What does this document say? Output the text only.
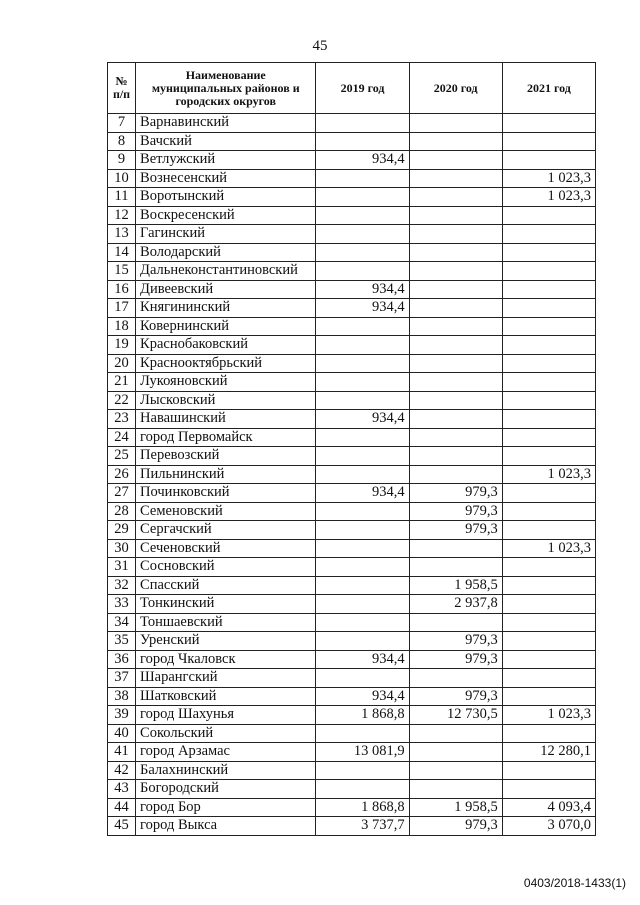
45
№ п/п	Наименование муниципальных районов и городских округов	2019 год	2020 год	2021 год
7	Варнавинский			
8	Вачский			
9	Ветлужский	934,4		
10	Вознесенский			1 023,3
11	Воротынский			1 023,3
12	Воскресенский			
13	Гагинский			
14	Володарский			
15	Дальнеконстантиновский			
16	Дивеевский	934,4		
17	Княгининский	934,4		
18	Ковернинский			
19	Краснобаковский			
20	Краснооктябрьский			
21	Лукояновский			
22	Лысковский			
23	Навашинский	934,4		
24	город Первомайск			
25	Перевозский			
26	Пильнинский			1 023,3
27	Починковский	934,4	979,3	
28	Семеновский		979,3	
29	Сергачский		979,3	
30	Сеченовский			1 023,3
31	Сосновский			
32	Спасский		1 958,5	
33	Тонкинский		2 937,8	
34	Тоншаевский			
35	Уренский		979,3	
36	город Чкаловск	934,4	979,3	
37	Шарангский			
38	Шатковский	934,4	979,3	
39	город Шахунья	1 868,8	12 730,5	1 023,3
40	Сокольский			
41	город Арзамас	13 081,9		12 280,1
42	Балахнинский			
43	Богородский			
44	город Бор	1 868,8	1 958,5	4 093,4
45	город Выкса	3 737,7	979,3	3 070,0
0403/2018-1433(1)
